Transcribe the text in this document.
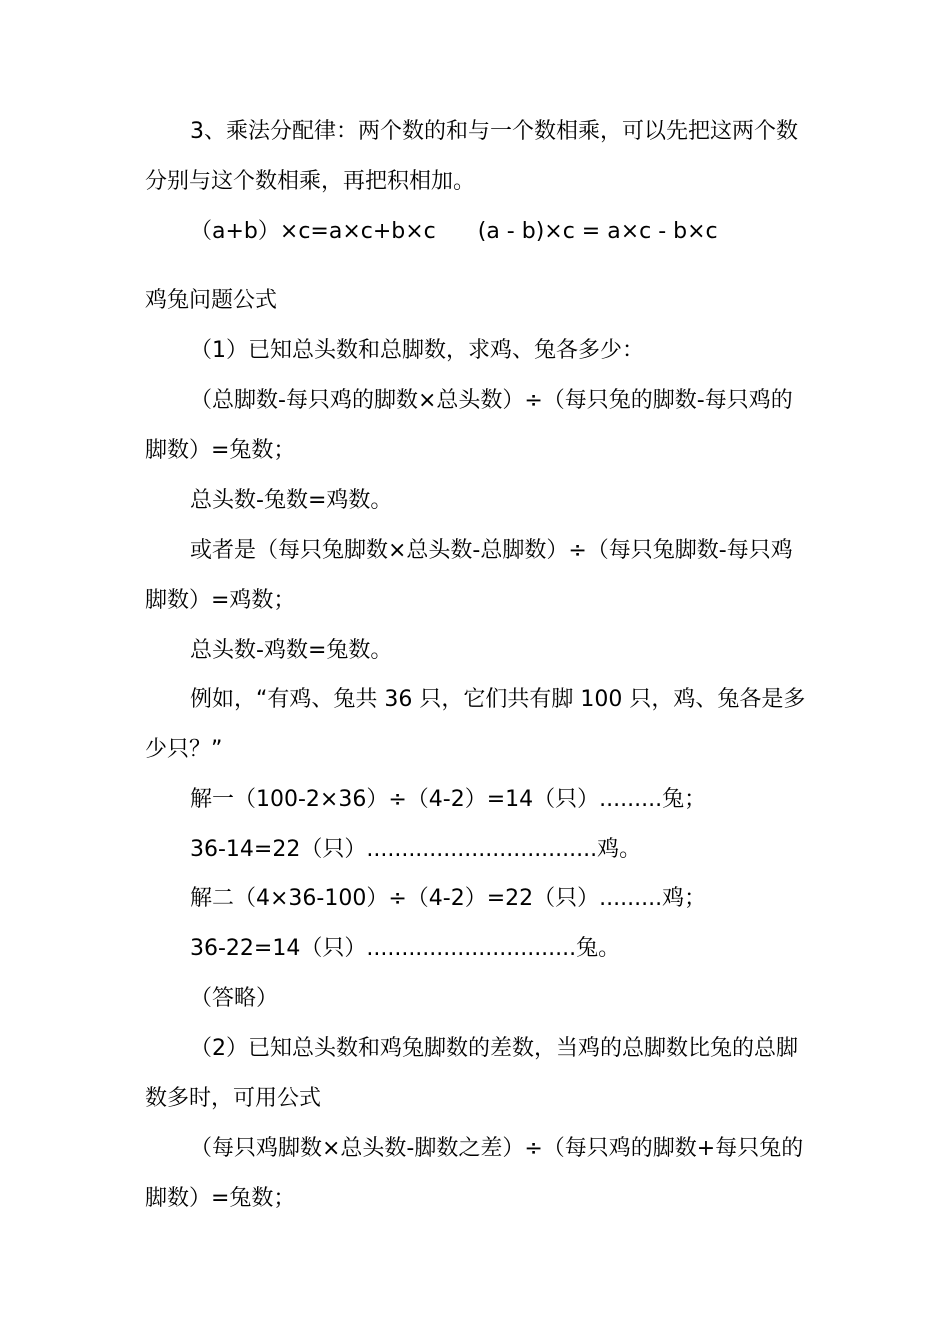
3、乘法分配律：两个数的和与一个数相乘，可以先把这两个数
分别与这个数相乘，再把积相加。
（a+b）×c=a×c+b×c      (a - b)×c = a×c - b×c
鸡兔问题公式
（1）已知总头数和总脚数，求鸡、兔各多少：
（总脚数-每只鸡的脚数×总头数）÷（每只兔的脚数-每只鸡的
脚数）=兔数；
总头数-兔数=鸡数。
或者是（每只兔脚数×总头数-总脚数）÷（每只兔脚数-每只鸡
脚数）=鸡数；
总头数-鸡数=兔数。
例如，“有鸡、兔共 36 只，它们共有脚 100 只，鸡、兔各是多
少只？”
解一（100-2×36）÷（4-2）=14（只）.........兔；
36-14=22（只）.................................鸡。
解二（4×36-100）÷（4-2）=22（只）.........鸡；
36-22=14（只）..............................兔。
（答略）
（2）已知总头数和鸡兔脚数的差数，当鸡的总脚数比兔的总脚
数多时，可用公式
（每只鸡脚数×总头数-脚数之差）÷（每只鸡的脚数+每只兔的
脚数）=兔数；
